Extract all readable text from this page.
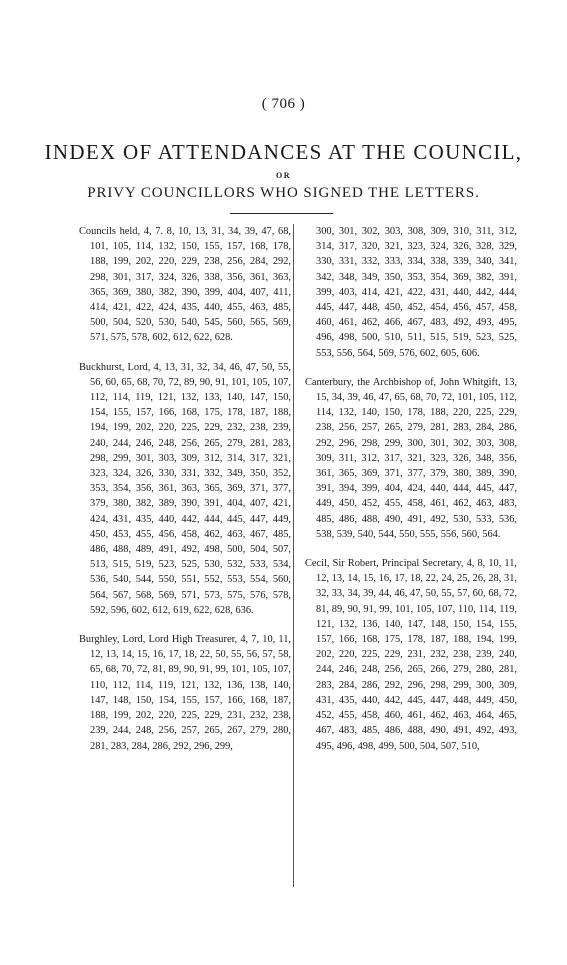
( 706 )
INDEX OF ATTENDANCES AT THE COUNCIL,
OR
PRIVY COUNCILLORS WHO SIGNED THE LETTERS.

Councils held, 4, 7. 8, 10, 13, 31, 34, 39, 47, 68, 101, 105, 114, 132, 150, 155, 157, 168, 178, 188, 199, 202, 220, 229, 238, 256, 284, 292, 298, 301, 317, 324, 326, 338, 356, 361, 363, 365, 369, 380, 382, 390, 399, 404, 407, 411, 414, 421, 422, 424, 435, 440, 455, 463, 485, 500, 504, 520, 530, 540, 545, 560, 565, 569, 571, 575, 578, 602, 612, 622, 628.

Buckhurst, Lord, 4, 13, 31, 32, 34, 46, 47, 50, 55, 56, 60, 65, 68, 70, 72, 89, 90, 91, 101, 105, 107, 112, 114, 119, 121, 132, 133, 140, 147, 150, 154, 155, 157, 166, 168, 175, 178, 187, 188, 194, 199, 202, 220, 225, 229, 232, 238, 239, 240, 244, 246, 248, 256, 265, 279, 281, 283, 298, 299, 301, 303, 309, 312, 314, 317, 321, 323, 324, 326, 330, 331, 332, 349, 350, 352, 353, 354, 356, 361, 363, 365, 369, 371, 377, 379, 380, 382, 389, 390, 391, 404, 407, 421, 424, 431, 435, 440, 442, 444, 445, 447, 449, 450, 453, 455, 456, 458, 462, 463, 467, 485, 486, 488, 489, 491, 492, 498, 500, 504, 507, 513, 515, 519, 523, 525, 530, 532, 533, 534, 536, 540, 544, 550, 551, 552, 553, 554, 560, 564, 567, 568, 569, 571, 573, 575, 576, 578, 592, 596, 602, 612, 619, 622, 628, 636.

Burghley, Lord, Lord High Treasurer, 4, 7, 10, 11, 12, 13, 14, 15, 16, 17, 18, 22, 50, 55, 56, 57, 58, 65, 68, 70, 72, 81, 89, 90, 91, 99, 101, 105, 107, 110, 112, 114, 119, 121, 132, 136, 138, 140, 147, 148, 150, 154, 155, 157, 166, 168, 187, 188, 199, 202, 220, 225, 229, 231, 232, 238, 239, 244, 248, 256, 257, 265, 267, 279, 280, 281, 283, 284, 286, 292, 296, 299,

300, 301, 302, 303, 308, 309, 310, 311, 312, 314, 317, 320, 321, 323, 324, 326, 328, 329, 330, 331, 332, 333, 334, 338, 339, 340, 341, 342, 348, 349, 350, 353, 354, 369, 382, 391, 399, 403, 414, 421, 422, 431, 440, 442, 444, 445, 447, 448, 450, 452, 454, 456, 457, 458, 460, 461, 462, 466, 467, 483, 492, 493, 495, 496, 498, 500, 510, 511, 515, 519, 523, 525, 553, 556, 564, 569, 576, 602, 605, 606.

Canterbury, the Archbishop of, John Whitgift, 13, 15, 34, 39, 46, 47, 65, 68, 70, 72, 101, 105, 112, 114, 132, 140, 150, 178, 188, 220, 225, 229, 238, 256, 257, 265, 279, 281, 283, 284, 286, 292, 296, 298, 299, 300, 301, 302, 303, 308, 309, 311, 312, 317, 321, 323, 326, 348, 356, 361, 365, 369, 371, 377, 379, 380, 389, 390, 391, 394, 399, 404, 424, 440, 444, 445, 447, 449, 450, 452, 455, 458, 461, 462, 463, 483, 485, 486, 488, 490, 491, 492, 530, 533, 536, 538, 539, 540, 544, 550, 555, 556, 560, 564.

Cecil, Sir Robert, Principal Secretary, 4, 8, 10, 11, 12, 13, 14, 15, 16, 17, 18, 22, 24, 25, 26, 28, 31, 32, 33, 34, 39, 44, 46, 47, 50, 55, 57, 60, 68, 72, 81, 89, 90, 91, 99, 101, 105, 107, 110, 114, 119, 121, 132, 136, 140, 147, 148, 150, 154, 155, 157, 166, 168, 175, 178, 187, 188, 194, 199, 202, 220, 225, 229, 231, 232, 238, 239, 240, 244, 246, 248, 256, 265, 266, 279, 280, 281, 283, 284, 286, 292, 296, 298, 299, 300, 309, 431, 435, 440, 442, 445, 447, 448, 449, 450, 452, 455, 458, 460, 461, 462, 463, 464, 465, 467, 483, 485, 486, 488, 490, 491, 492, 493, 495, 496, 498, 499, 500, 504, 507, 510,
